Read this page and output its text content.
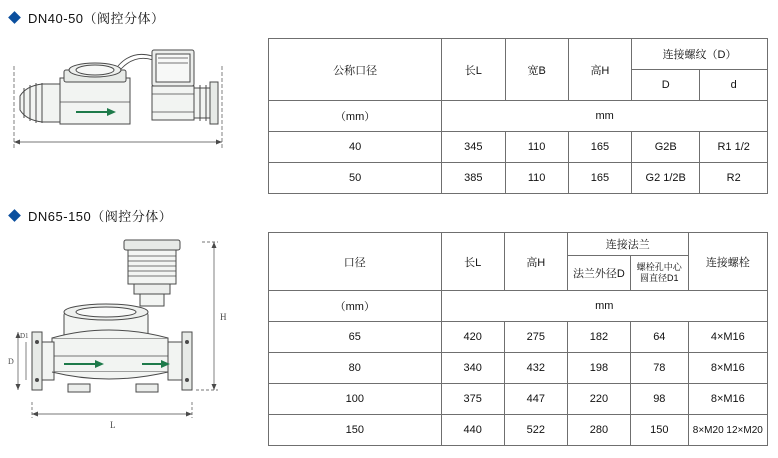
DN40-50（阀控分体）
公称口径	长L	宽B	高H	连接螺纹（D）	
				D	d
（mm）	mm				
40	345	110	165	G2B	R1 1/2
50	385	110	165	G2 1/2B	R2
DN65-150（阀控分体）
L
H
D
D1
口径	长L	高H	连接法兰		连接螺栓
			法兰外径D	螺栓孔中心圆直径D1	
（mm）	mm				
65	420	275	182	64	4×M16
80	340	432	198	78	8×M16
100	375	447	220	98	8×M16
150	440	522	280	150	8×M20 12×M20
